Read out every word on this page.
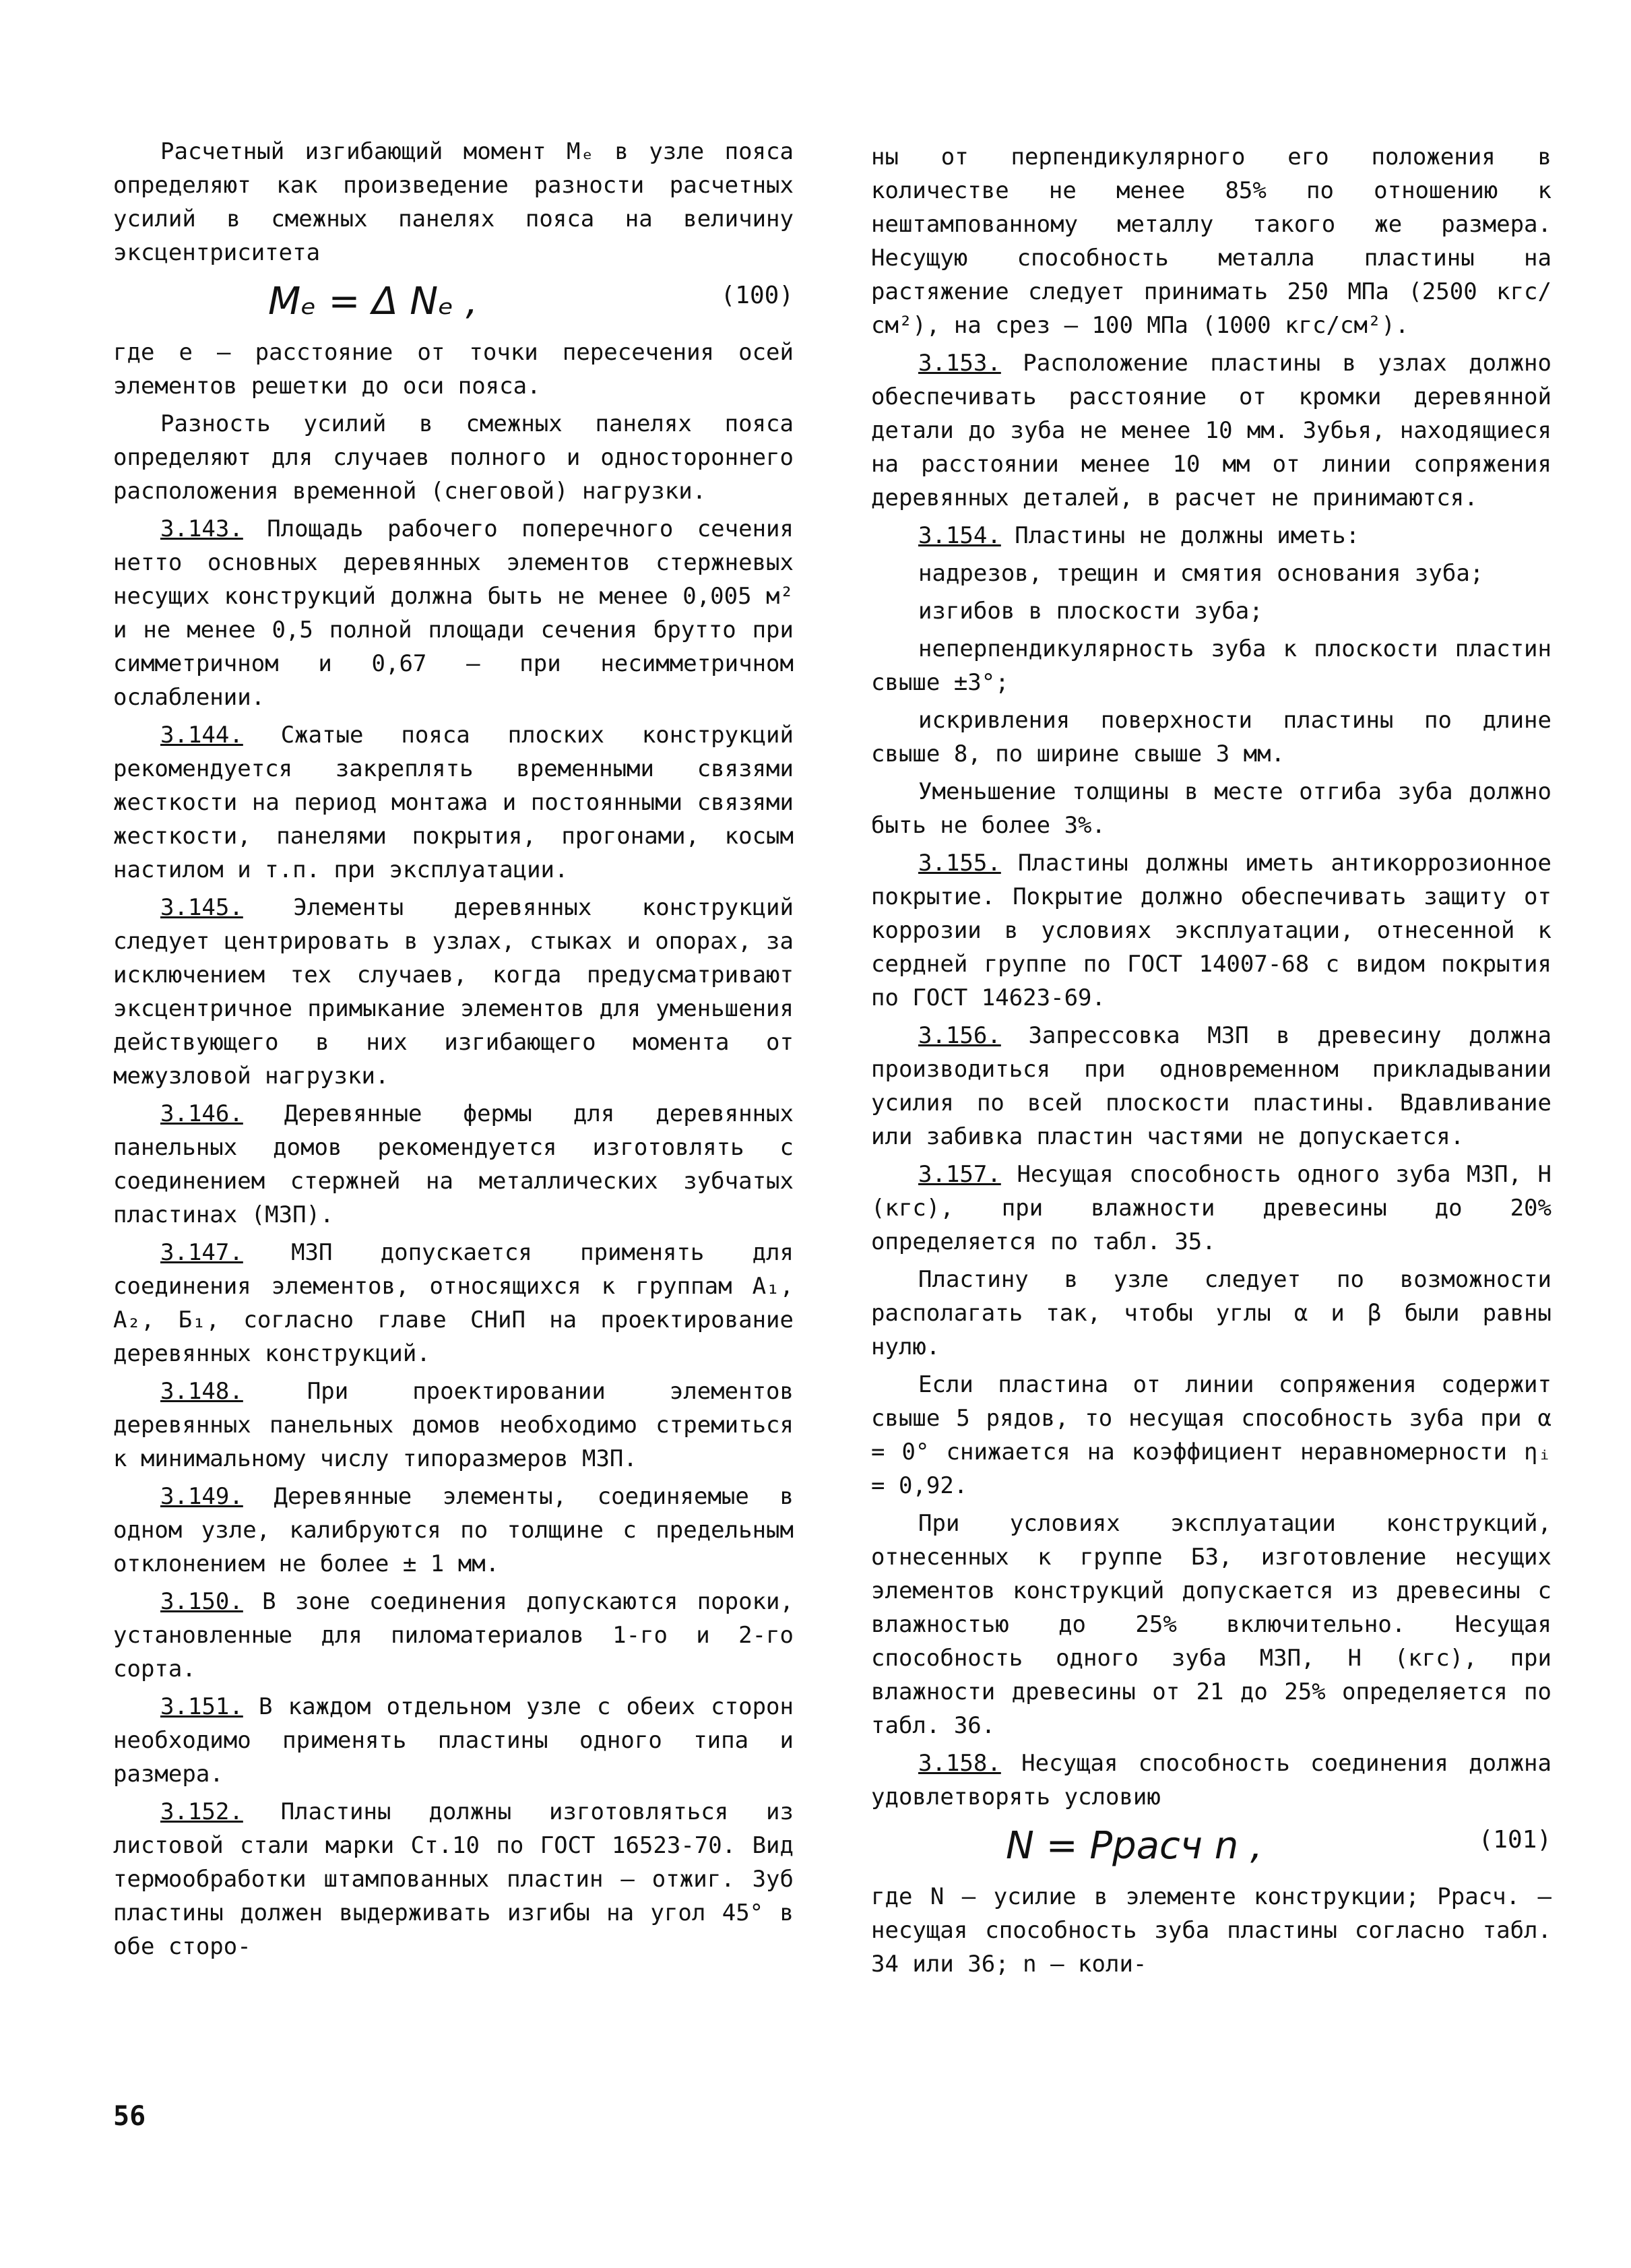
Расчетный изгибающий момент Mₑ в узле пояса определяют как произведение разности расчетных усилий в смежных панелях пояса на величину эксцентриситета

Mₑ = Δ Nₑ ,	(100)

где e – расстояние от точки пересечения осей элементов решетки до оси пояса.

Разность усилий в смежных панелях пояса определяют для случаев полного и одностороннего расположения временной (снеговой) нагрузки.

3.143. Площадь рабочего поперечного сечения нетто основных деревянных элементов стержневых несущих конструкций должна быть не менее 0,005 м² и не менее 0,5 полной площади сечения брутто при симметричном и 0,67 – при несимметричном ослаблении.

3.144. Сжатые пояса плоских конструкций рекомендуется закреплять временными связями жесткости на период монтажа и постоянными связями жесткости, панелями покрытия, прогонами, косым настилом и т.п. при эксплуатации.

3.145. Элементы деревянных конструкций следует центрировать в узлах, стыках и опорах, за исключением тех случаев, когда предусматривают эксцентричное примыкание элементов для уменьшения действующего в них изгибающего момента от межузловой нагрузки.

3.146. Деревянные фермы для деревянных панельных домов рекомендуется изготовлять с соединением стержней на металлических зубчатых пластинах (МЗП).

3.147. МЗП допускается применять для соединения элементов, относящихся к группам А₁, А₂, Б₁, согласно главе СНиП на проектирование деревянных конструкций.

3.148. При проектировании элементов деревянных панельных домов необходимо стремиться к минимальному числу типоразмеров МЗП.

3.149. Деревянные элементы, соединяемые в одном узле, калибруются по толщине с предельным отклонением не более ± 1 мм.

3.150. В зоне соединения допускаются пороки, установленные для пиломатериалов 1-го и 2-го сорта.

3.151. В каждом отдельном узле с обеих сторон необходимо применять пластины одного типа и размера.

3.152. Пластины должны изготовляться из листовой стали марки Ст.10 по ГОСТ 16523-70. Вид термообработки штампованных пластин – отжиг. Зуб пластины должен выдерживать изгибы на угол 45° в обе сторо-

ны от перпендикулярного его положения в количестве не менее 85% по отношению к нештампованному металлу такого же размера. Несущую способность металла пластины на растяжение следует принимать 250 МПа (2500 кгс/см²), на срез – 100 МПа (1000 кгс/см²).

3.153. Расположение пластины в узлах должно обеспечивать расстояние от кромки деревянной детали до зуба не менее 10 мм. Зубья, находящиеся на расстоянии менее 10 мм от линии сопряжения деревянных деталей, в расчет не принимаются.

3.154. Пластины не должны иметь:

надрезов, трещин и смятия основания зуба;

изгибов в плоскости зуба;

неперпендикулярность зуба к плоскости пластин свыше ±3°;

искривления поверхности пластины по длине свыше 8, по ширине свыше 3 мм.

Уменьшение толщины в месте отгиба зуба должно быть не более 3%.

3.155. Пластины должны иметь антикоррозионное покрытие. Покрытие должно обеспечивать защиту от коррозии в условиях эксплуатации, отнесенной к сердней группе по ГОСТ 14007-68 с видом покрытия по ГОСТ 14623-69.

3.156. Запрессовка МЗП в древесину должна производиться при одновременном прикладывании усилия по всей плоскости пластины. Вдавливание или забивка пластин частями не допускается.

3.157. Несущая способность одного зуба МЗП, Н (кгс), при влажности древесины до 20% определяется по табл. 35.

Пластину в узле следует по возможности располагать так, чтобы углы α и β были равны нулю.

Если пластина от линии сопряжения содержит свыше 5 рядов, то несущая способность зуба при α = 0° снижается на коэффициент неравномерности ηᵢ = 0,92.

При условиях эксплуатации конструкций, отнесенных к группе Б3, изготовление несущих элементов конструкций допускается из древесины с влажностью до 25% включительно. Несущая способность одного зуба МЗП, Н (кгс), при влажности древесины от 21 до 25% определяется по табл. 36.

3.158. Несущая способность соединения должна удовлетворять условию

N = Pрасч n ,	(101)

где N – усилие в элементе конструкции; Pрасч. – несущая способность зуба пластины согласно табл. 34 или 36; n – коли-

56
